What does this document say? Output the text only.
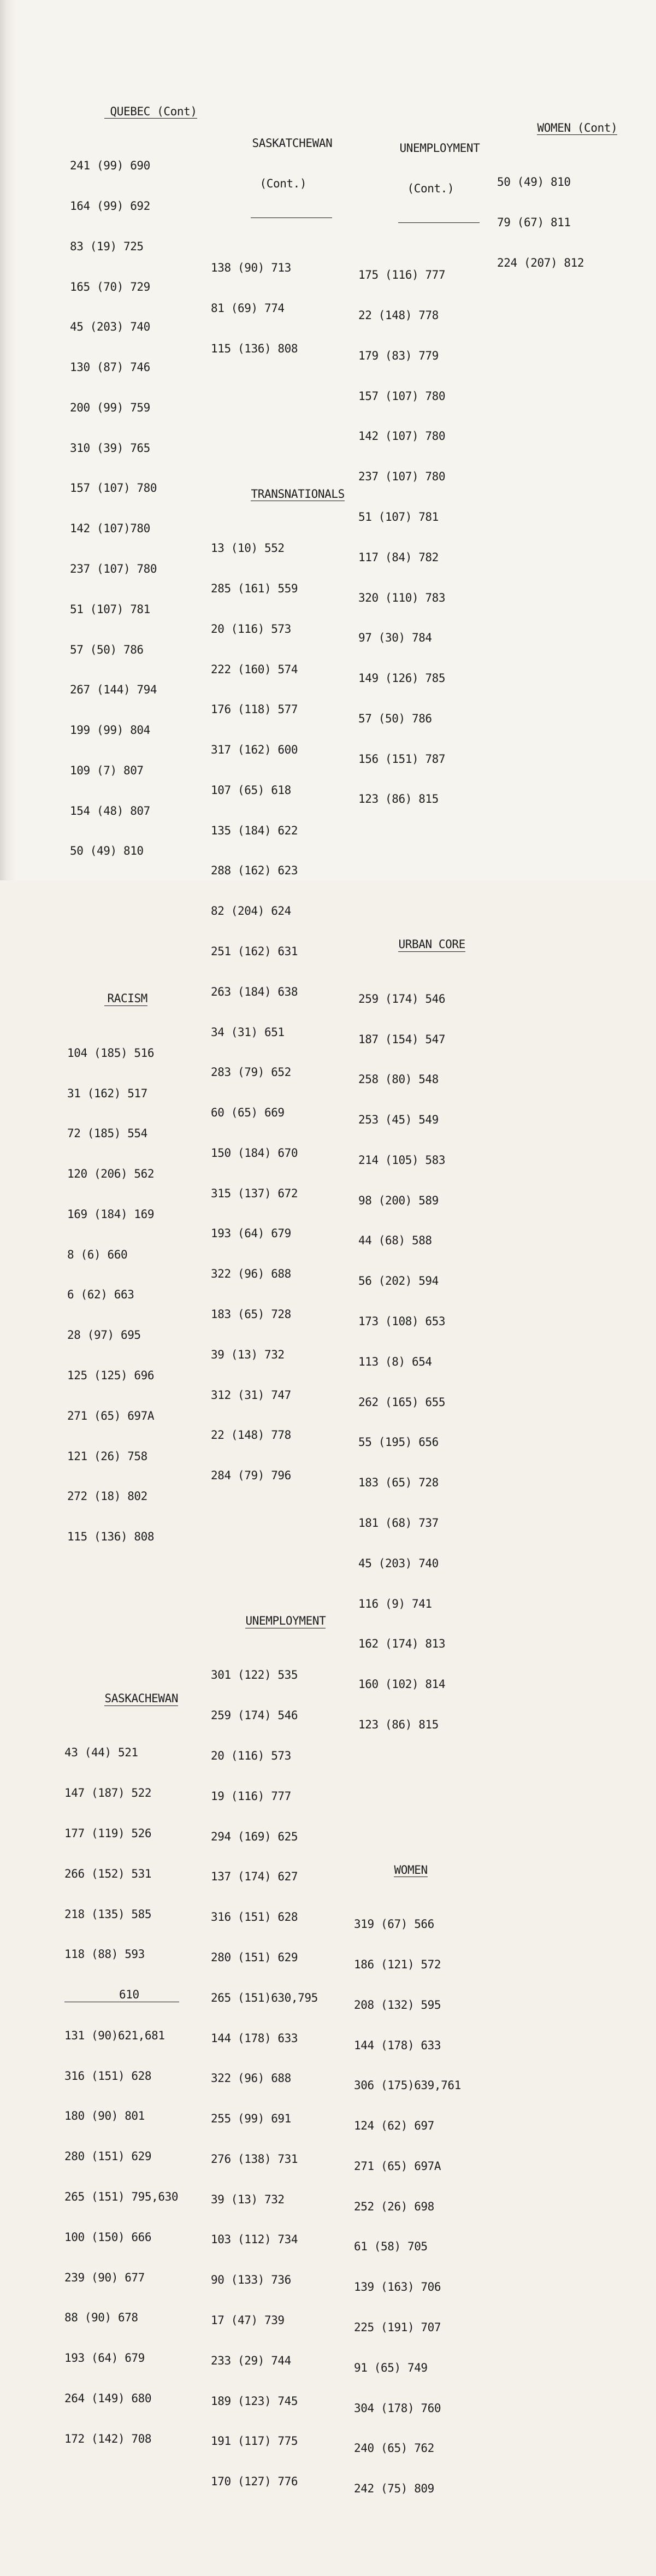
QUEBEC (Cont)

241 (99) 690

164 (99) 692

83 (19) 725

165 (70) 729

45 (203) 740

130 (87) 746

200 (99) 759

310 (39) 765

157 (107) 780

142 (107)780

237 (107) 780

51 (107) 781

57 (50) 786

267 (144) 794

199 (99) 804

109 (7) 807

154 (48) 807

50 (49) 810

RACISM

104 (185) 516

31 (162) 517

72 (185) 554

120 (206) 562

169 (184) 169

8 (6) 660

6 (62) 663

28 (97) 695

125 (125) 696

271 (65) 697A

121 (26) 758

272 (18) 802

115 (136) 808

SASKACHEWAN

43 (44) 521

147 (187) 522

177 (119) 526

266 (152) 531

218 (135) 585

118 (88) 593

610

131 (90)621,681

316 (151) 628

180 (90) 801

280 (151) 629

265 (151) 795,630

100 (150) 666

239 (90) 677

88 (90) 678

193 (64) 679

264 (149) 680

172 (142) 708

SASKATCHEWAN

(Cont.)

138 (90) 713

81 (69) 774

115 (136) 808

TRANSNATIONALS

13 (10) 552

285 (161) 559

20 (116) 573

222 (160) 574

176 (118) 577

317 (162) 600

107 (65) 618

135 (184) 622

288 (162) 623

82 (204) 624

251 (162) 631

263 (184) 638

34 (31) 651

283 (79) 652

60 (65) 669

150 (184) 670

315 (137) 672

193 (64) 679

322 (96) 688

183 (65) 728

39 (13) 732

312 (31) 747

22 (148) 778

284 (79) 796

UNEMPLOYMENT

301 (122) 535

259 (174) 546

20 (116) 573

19 (116) 777

294 (169) 625

137 (174) 627

316 (151) 628

280 (151) 629

265 (151)630,795

144 (178) 633

322 (96) 688

255 (99) 691

276 (138) 731

39 (13) 732

103 (112) 734

90 (133) 736

17 (47) 739

233 (29) 744

189 (123) 745

191 (117) 775

170 (127) 776

UNEMPLOYMENT

(Cont.)

175 (116) 777

22 (148) 778

179 (83) 779

157 (107) 780

142 (107) 780

237 (107) 780

51 (107) 781

117 (84) 782

320 (110) 783

97 (30) 784

149 (126) 785

57 (50) 786

156 (151) 787

123 (86) 815

URBAN CORE

259 (174) 546

187 (154) 547

258 (80) 548

253 (45) 549

214 (105) 583

98 (200) 589

44 (68) 588

56 (202) 594

173 (108) 653

113 (8) 654

262 (165) 655

55 (195) 656

183 (65) 728

181 (68) 737

45 (203) 740

116 (9) 741

162 (174) 813

160 (102) 814

123 (86) 815

WOMEN

319 (67) 566

186 (121) 572

208 (132) 595

144 (178) 633

306 (175)639,761

124 (62) 697

271 (65) 697A

252 (26) 698

61 (58) 705

139 (163) 706

225 (191) 707

91 (65) 749

304 (178) 760

240 (65) 762

242 (75) 809

WOMEN (Cont)

50 (49) 810

79 (67) 811

224 (207) 812
